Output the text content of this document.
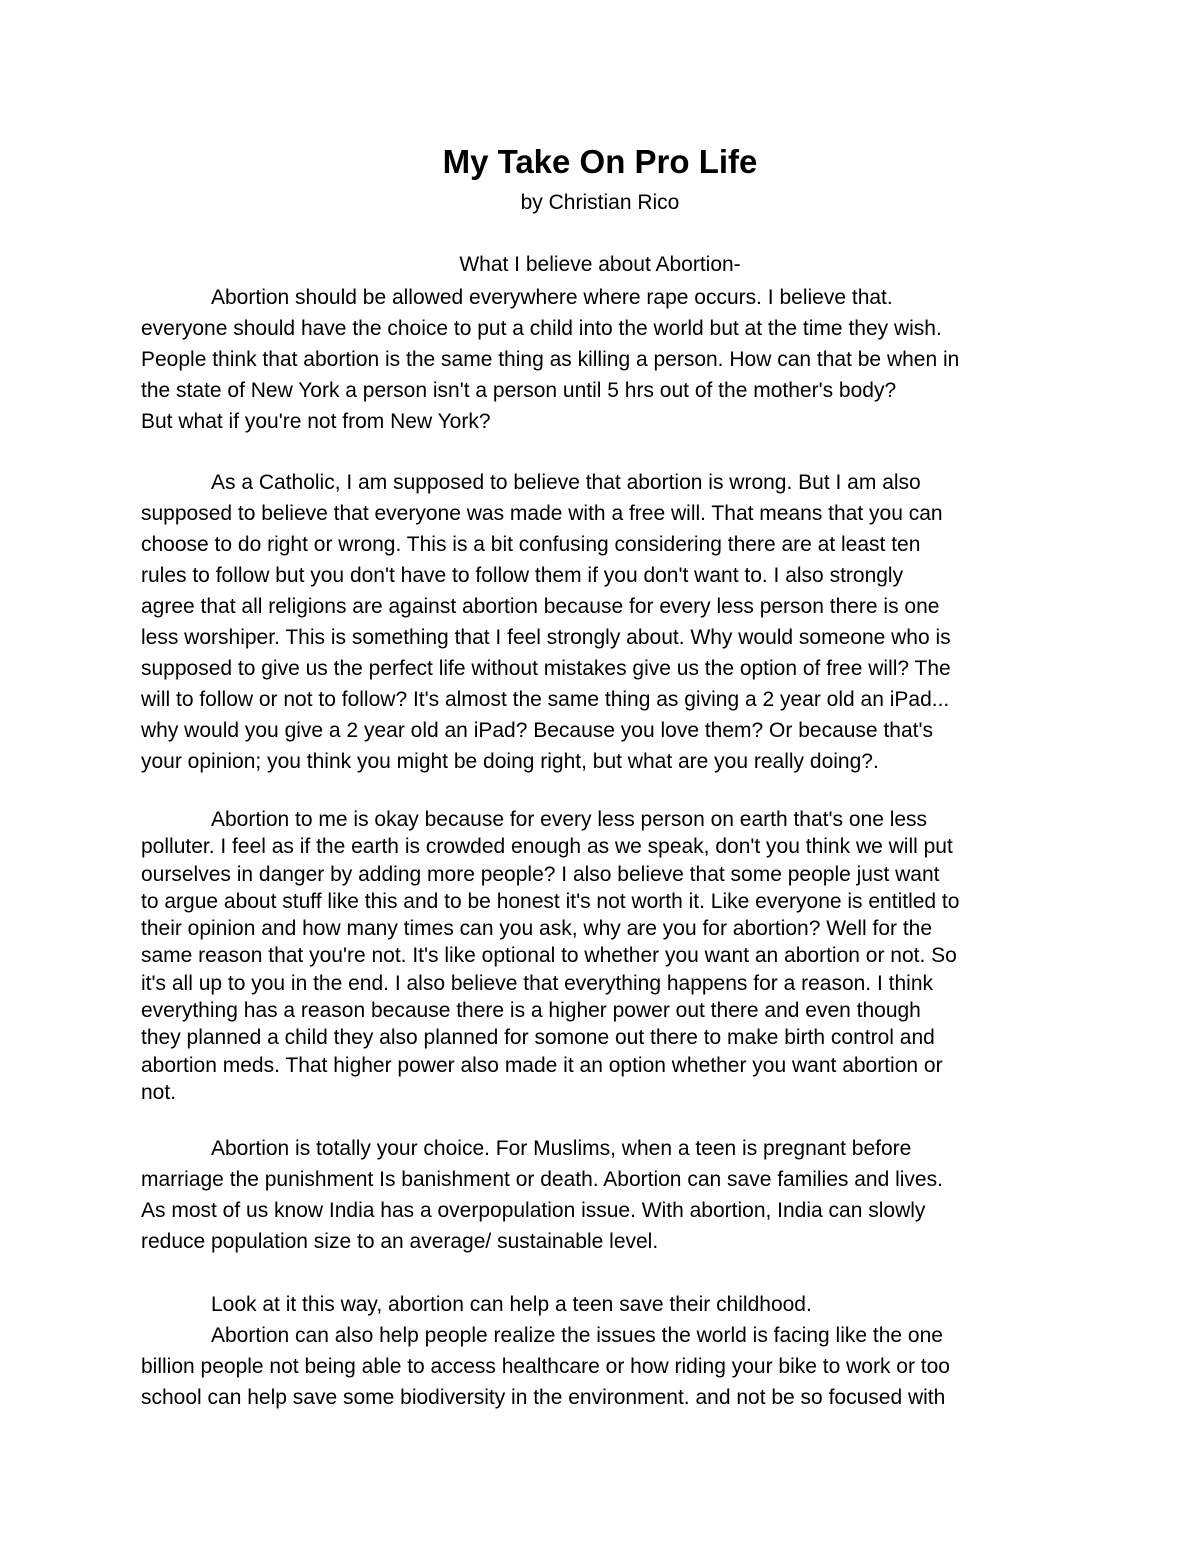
My Take On Pro Life
by Christian Rico
What I believe about Abortion-
Abortion should be allowed everywhere where rape occurs. I believe that.
everyone should have the choice to put a child into the world but at the time they wish.
People think that abortion is the same thing as killing a person. How can that be when in
the state of New York a person isn't a person until 5 hrs out of the mother's body?
But what if you're not from New York?
As a Catholic, I am supposed to believe that abortion is wrong. But I am also
supposed to believe that everyone was made with a free will. That means that you can
choose to do right or wrong. This is a bit confusing considering there are at least ten
rules to follow but you don't have to follow them if you don't want to. I also strongly
agree that all religions are against abortion because for every less person there is one
less worshiper. This is something that I feel strongly about. Why would someone who is
supposed to give us the perfect life without mistakes give us the option of free will? The
will to follow or not to follow? It's almost the same thing as giving a 2 year old an iPad...
why would you give a 2 year old an iPad? Because you love them? Or because that's
your opinion; you think you might be doing right, but what are you really doing?.
Abortion to me is okay because for every less person on earth that's one less
polluter. I feel as if the earth is crowded enough as we speak, don't you think we will put
ourselves in danger by adding more people? I also believe that some people just want
to argue about stuff like this and to be honest it's not worth it. Like everyone is entitled to
their opinion and how many times can you ask, why are you for abortion? Well for the
same reason that you're not. It's like optional to whether you want an abortion or not. So
it's all up to you in the end. I also believe that everything happens for a reason. I think
everything has a reason because there is a higher power out there and even though
they planned a child they also planned for somone out there to make birth control and
abortion meds. That higher power also made it an option whether you want abortion or
not.
Abortion is totally your choice. For Muslims, when a teen is pregnant before
marriage the punishment Is banishment or death. Abortion can save families and lives.
As most of us know India has a overpopulation issue. With abortion, India can slowly
reduce population size to an average/ sustainable level.
Look at it this way, abortion can help a teen save their childhood.
Abortion can also help people realize the issues the world is facing like the one
billion people not being able to access healthcare or how riding your bike to work or too
school can help save some biodiversity in the environment. and not be so focused with
